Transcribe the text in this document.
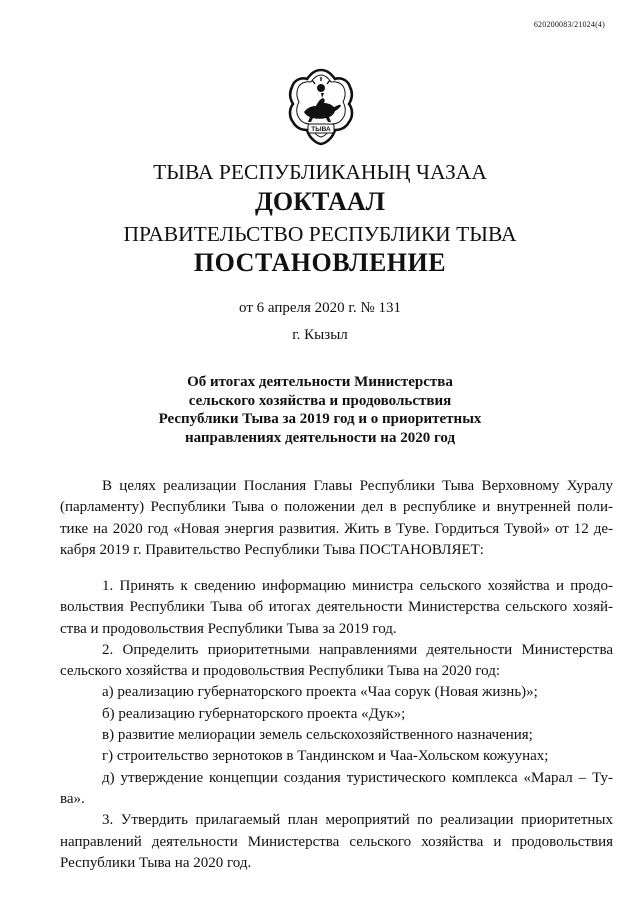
620200083/21024(4)
ТЫВА
ТЫВА РЕСПУБЛИКАНЫҢ ЧАЗАА
ДОКТААЛ
ПРАВИТЕЛЬСТВО РЕСПУБЛИКИ ТЫВА
ПОСТАНОВЛЕНИЕ
от 6 апреля 2020 г. № 131
г. Кызыл
Об итогах деятельности Министерства
сельского хозяйства и продовольствия
Республики Тыва за 2019 год и о приоритетных
направлениях деятельности на 2020 год
В целях реализации Послания Главы Республики Тыва Верховному Хуралу
(парламенту) Республики Тыва о положении дел в республике и внутренней поли-
тике на 2020 год «Новая энергия развития. Жить в Туве. Гордиться Тувой» от 12 де-
кабря 2019 г. Правительство Республики Тыва ПОСТАНОВЛЯЕТ:
1. Принять к сведению информацию министра сельского хозяйства и продо-
вольствия Республики Тыва об итогах деятельности Министерства сельского хозяй-
ства и продовольствия Республики Тыва за 2019 год.
2. Определить приоритетными направлениями деятельности Министерства
сельского хозяйства и продовольствия Республики Тыва на 2020 год:
а) реализацию губернаторского проекта «Чаа сорук (Новая жизнь)»;
б) реализацию губернаторского проекта «Дук»;
в) развитие мелиорации земель сельскохозяйственного назначения;
г) строительство зернотоков в Тандинском и Чаа-Хольском кожуунах;
д) утверждение концепции создания туристического комплекса «Марал – Ту-
ва».
3. Утвердить прилагаемый план мероприятий по реализации приоритетных
направлений деятельности Министерства сельского хозяйства и продовольствия
Республики Тыва на 2020 год.
